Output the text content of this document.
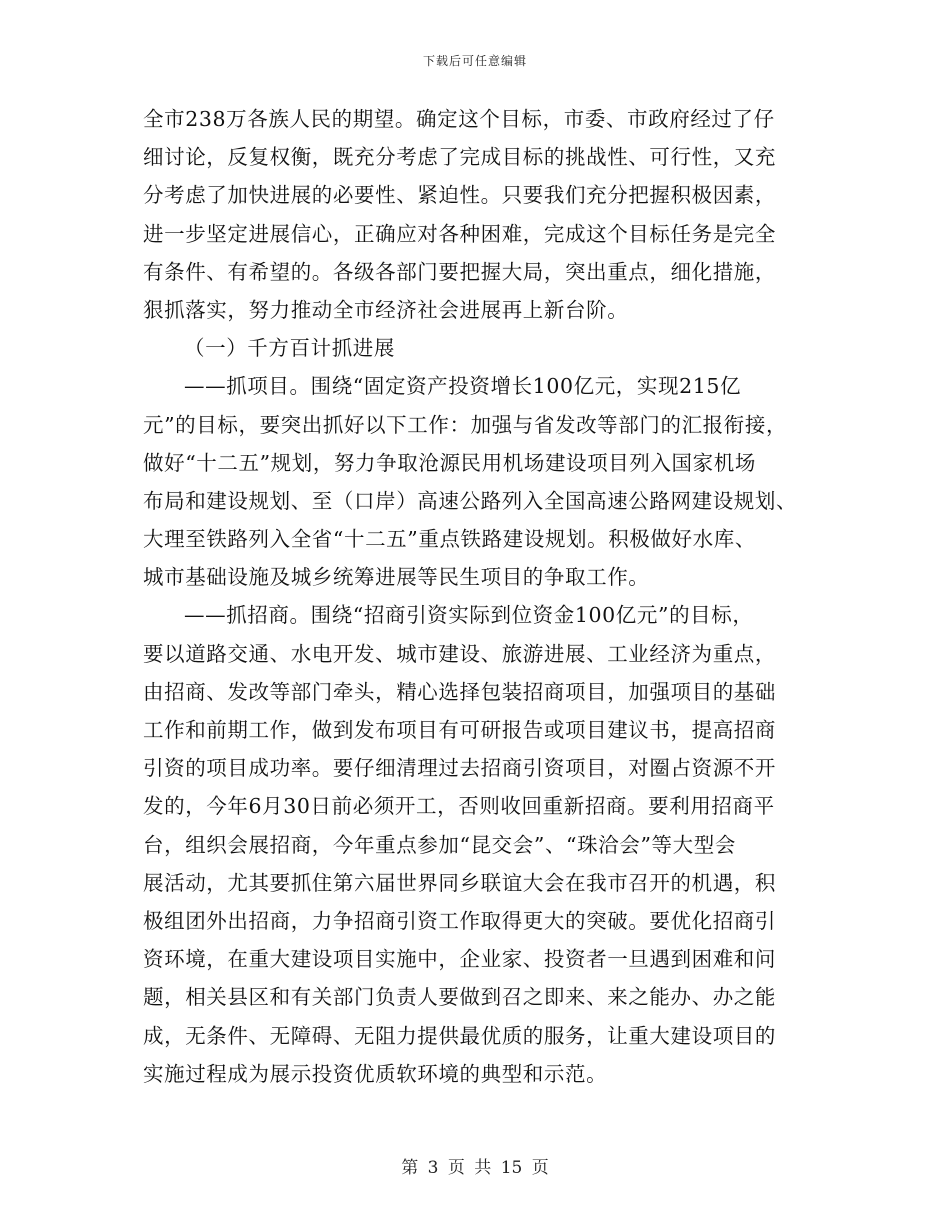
下载后可任意编辑
全市238万各族人民的期望。确定这个目标，市委、市政府经过了仔
细讨论，反复权衡，既充分考虑了完成目标的挑战性、可行性，又充
分考虑了加快进展的必要性、紧迫性。只要我们充分把握积极因素，
进一步坚定进展信心，正确应对各种困难，完成这个目标任务是完全
有条件、有希望的。各级各部门要把握大局，突出重点，细化措施，
狠抓落实，努力推动全市经济社会进展再上新台阶。
（一）千方百计抓进展
——抓项目。围绕“固定资产投资增长100亿元，实现215亿
元”的目标，要突出抓好以下工作：加强与省发改等部门的汇报衔接，
做好“十二五”规划，努力争取沧源民用机场建设项目列入国家机场
布局和建设规划、至（口岸）高速公路列入全国高速公路网建设规划、
大理至铁路列入全省“十二五”重点铁路建设规划。积极做好水库、
城市基础设施及城乡统筹进展等民生项目的争取工作。
——抓招商。围绕“招商引资实际到位资金100亿元”的目标，
要以道路交通、水电开发、城市建设、旅游进展、工业经济为重点，
由招商、发改等部门牵头，精心选择包装招商项目，加强项目的基础
工作和前期工作，做到发布项目有可研报告或项目建议书，提高招商
引资的项目成功率。要仔细清理过去招商引资项目，对圈占资源不开
发的，今年6月30日前必须开工，否则收回重新招商。要利用招商平
台，组织会展招商，今年重点参加“昆交会”、“珠洽会”等大型会
展活动，尤其要抓住第六届世界同乡联谊大会在我市召开的机遇，积
极组团外出招商，力争招商引资工作取得更大的突破。要优化招商引
资环境，在重大建设项目实施中，企业家、投资者一旦遇到困难和问
题，相关县区和有关部门负责人要做到召之即来、来之能办、办之能
成，无条件、无障碍、无阻力提供最优质的服务，让重大建设项目的
实施过程成为展示投资优质软环境的典型和示范。
第 3 页 共 15 页
